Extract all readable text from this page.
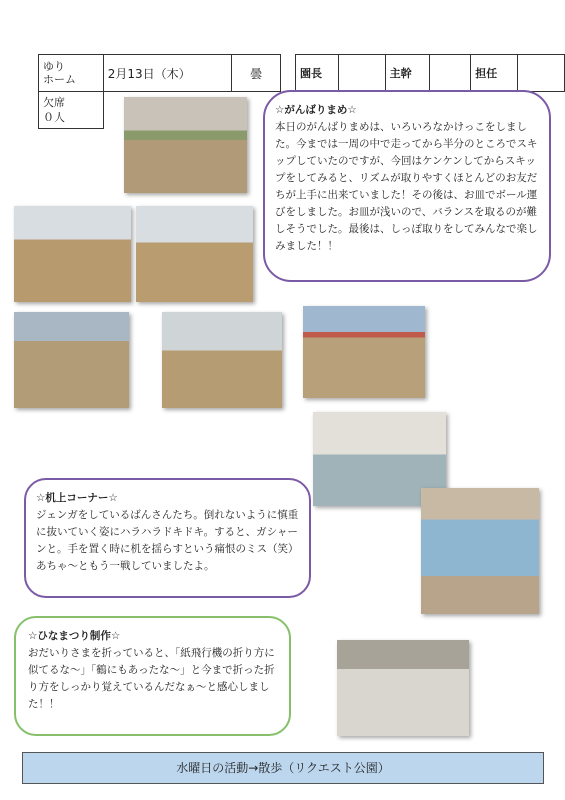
ゆり
ホーム	2月13日（木）	曇		園長		主幹		担任	

欠席
０人
☆がんばりまめ☆
本日のがんばりまめは、いろいろなかけっこをしました。今までは一周の中で走ってから半分のところでスキップしていたのですが、今回はケンケンしてからスキップをしてみると、リズムが取りやすくほとんどのお友だちが上手に出来ていました！その後は、お皿でボール運びをしました。お皿が浅いので、バランスを取るのが難しそうでした。最後は、しっぽ取りをしてみんなで楽しみました！！
☆机上コーナー☆
ジェンガをしているばんさんたち。倒れないように慎重に抜いていく姿にハラハラドキドキ。すると、ガシャーンと。手を置く時に机を揺らすという痛恨のミス（笑）あちゃ～ともう一戦していましたよ。
☆ひなまつり制作☆
おだいりさまを折っていると、「紙飛行機の折り方に似てるな～」「鶴にもあったな～」と今まで折った折り方をしっかり覚えているんだなぁ～と感心しました！！
水曜日の活動→散歩（リクエスト公園）
